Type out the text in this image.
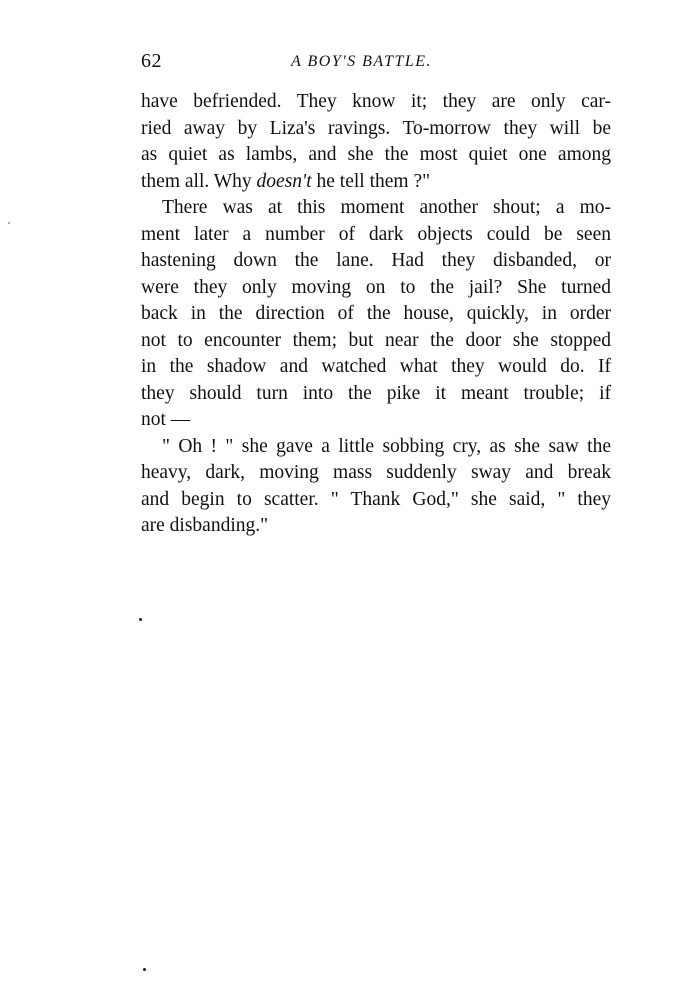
62	A BOY'S BATTLE.
have befriended. They know it; they are only car-
ried away by Liza's ravings. To-morrow they will be
as quiet as lambs, and she the most quiet one among
them all. Why doesn't he tell them ?"
There was at this moment another shout; a mo-
ment later a number of dark objects could be seen
hastening down the lane. Had they disbanded, or
were they only moving on to the jail? She turned
back in the direction of the house, quickly, in order
not to encounter them; but near the door she stopped
in the shadow and watched what they would do. If
they should turn into the pike it meant trouble; if
not —
" Oh ! " she gave a little sobbing cry, as she saw the
heavy, dark, moving mass suddenly sway and break
and begin to scatter. " Thank God," she said, " they
are disbanding."
